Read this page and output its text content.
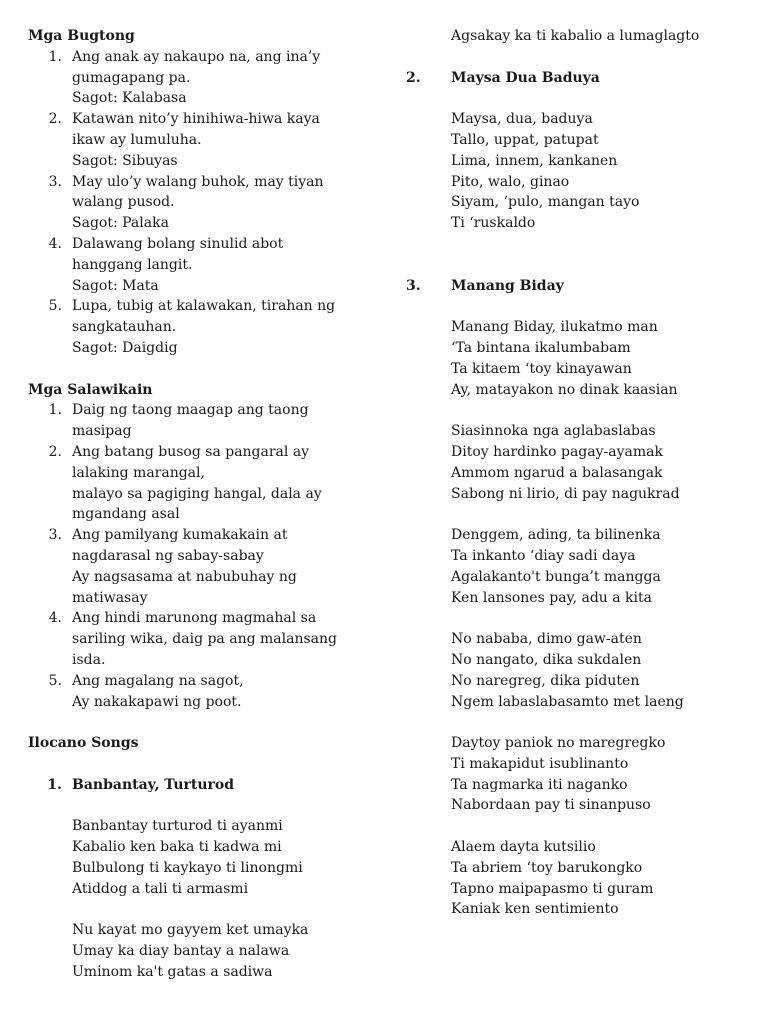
Mga Bugtong
1. Ang anak ay nakaupo na, ang ina’y
gumagapang pa.
Sagot: Kalabasa
2. Katawan nito’y hinihiwa-hiwa kaya
ikaw ay lumuluha.
Sagot: Sibuyas
3. May ulo’y walang buhok, may tiyan
walang pusod.
Sagot: Palaka
4. Dalawang bolang sinulid abot
hanggang langit.
Sagot: Mata
5. Lupa, tubig at kalawakan, tirahan ng
sangkatauhan.
Sagot: Daigdig
Mga Salawikain
1. Daig ng taong maagap ang taong
masipag
2. Ang batang busog sa pangaral ay
lalaking marangal,
malayo sa pagiging hangal, dala ay
mgandang asal
3. Ang pamilyang kumakakain at
nagdarasal ng sabay-sabay
Ay nagsasama at nabubuhay ng
matiwasay
4. Ang hindi marunong magmahal sa
sariling wika, daig pa ang malansang
isda.
5. Ang magalang na sagot,
Ay nakakapawi ng poot.
Ilocano Songs
1. Banbantay, Turturod
Banbantay turturod ti ayanmi
Kabalio ken baka ti kadwa mi
Bulbulong ti kaykayo ti linongmi
Atiddog a tali ti armasmi
Nu kayat mo gayyem ket umayka
Umay ka diay bantay a nalawa
Uminom ka't gatas a sadiwa
Agsakay ka ti kabalio a lumaglagto
2.	Maysa Dua Baduya
Maysa, dua, baduya
Tallo, uppat, patupat
Lima, innem, kankanen
Pito, walo, ginao
Siyam, ‘pulo, mangan tayo
Ti ‘ruskaldo
3.	Manang Biday
Manang Biday, ilukatmo man
‘Ta bintana ikalumbabam
Ta kitaem ‘toy kinayawan
Ay, matayakon no dinak kaasian
Siasinnoka nga aglabaslabas
Ditoy hardinko pagay-ayamak
Ammom ngarud a balasangak
Sabong ni lirio, di pay nagukrad
Denggem, ading, ta bilinenka
Ta inkanto ‘diay sadi daya
Agalakanto't bunga’t mangga
Ken lansones pay, adu a kita
No nababa, dimo gaw-aten
No nangato, dika sukdalen
No naregreg, dika piduten
Ngem labaslabasamto met laeng
Daytoy paniok no maregregko
Ti makapidut isublinanto
Ta nagmarka iti naganko
Nabordaan pay ti sinanpuso
Alaem dayta kutsilio
Ta abriem ‘toy barukongko
Tapno maipapasmo ti guram
Kaniak ken sentimiento
